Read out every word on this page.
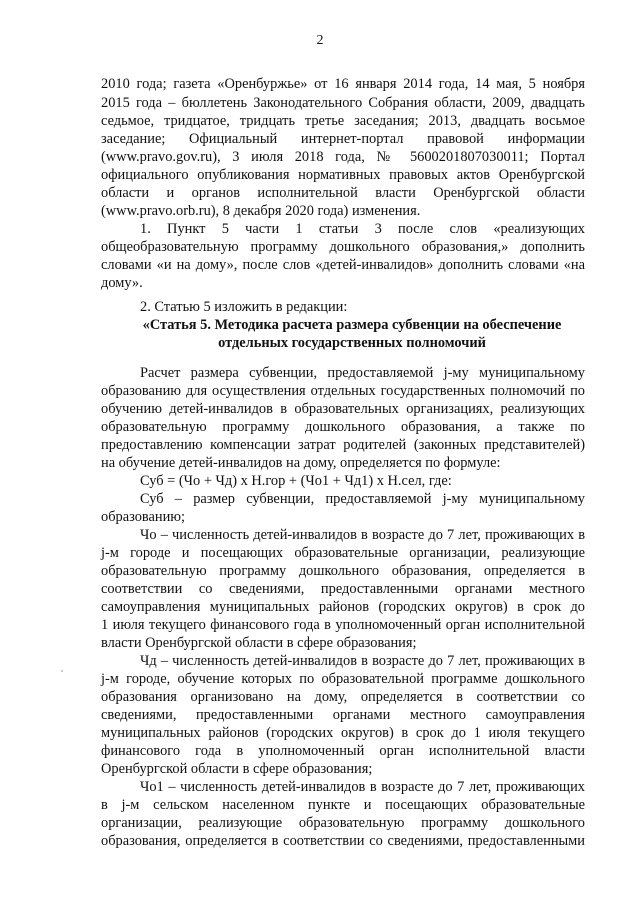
2
2010 года; газета «Оренбуржье» от 16 января 2014 года, 14 мая, 5 ноября
2015 года – бюллетень Законодательного Собрания области, 2009, двадцать
седьмое, тридцатое, тридцать третье заседания; 2013, двадцать восьмое
заседание; Официальный интернет-портал правовой информации
(www.pravo.gov.ru), 3 июля 2018 года, № 5600201807030011; Портал
официального опубликования нормативных правовых актов Оренбургской
области и органов исполнительной власти Оренбургской области
(www.pravo.orb.ru), 8 декабря 2020 года) изменения.
1. Пункт 5 части 1 статьи 3 после слов «реализующих
общеобразовательную программу дошкольного образования,» дополнить
словами «и на дому», после слов «детей-инвалидов» дополнить словами «на
дому».
2. Статью 5 изложить в редакции:
«Статья 5. Методика расчета размера субвенции на обеспечение
отдельных государственных полномочий
Расчет размера субвенции, предоставляемой j-му муниципальному
образованию для осуществления отдельных государственных полномочий по
обучению детей-инвалидов в образовательных организациях, реализующих
образовательную программу дошкольного образования, а также по
предоставлению компенсации затрат родителей (законных представителей)
на обучение детей-инвалидов на дому, определяется по формуле:
Суб = (Чо + Чд) х Н.гор + (Чо1 + Чд1) х Н.сел, где:
Суб – размер субвенции, предоставляемой j-му муниципальному
образованию;
Чо – численность детей-инвалидов в возрасте до 7 лет, проживающих в
j-м городе и посещающих образовательные организации, реализующие
образовательную программу дошкольного образования, определяется в
соответствии со сведениями, предоставленными органами местного
самоуправления муниципальных районов (городских округов) в срок до
1 июля текущего финансового года в уполномоченный орган исполнительной
власти Оренбургской области в сфере образования;
Чд – численность детей-инвалидов в возрасте до 7 лет, проживающих в
j-м городе, обучение которых по образовательной программе дошкольного
образования организовано на дому, определяется в соответствии со
сведениями, предоставленными органами местного самоуправления
муниципальных районов (городских округов) в срок до 1 июля текущего
финансового года в уполномоченный орган исполнительной власти
Оренбургской области в сфере образования;
Чо1 – численность детей-инвалидов в возрасте до 7 лет, проживающих
в j-м сельском населенном пункте и посещающих образовательные
организации, реализующие образовательную программу дошкольного
образования, определяется в соответствии со сведениями, предоставленными
